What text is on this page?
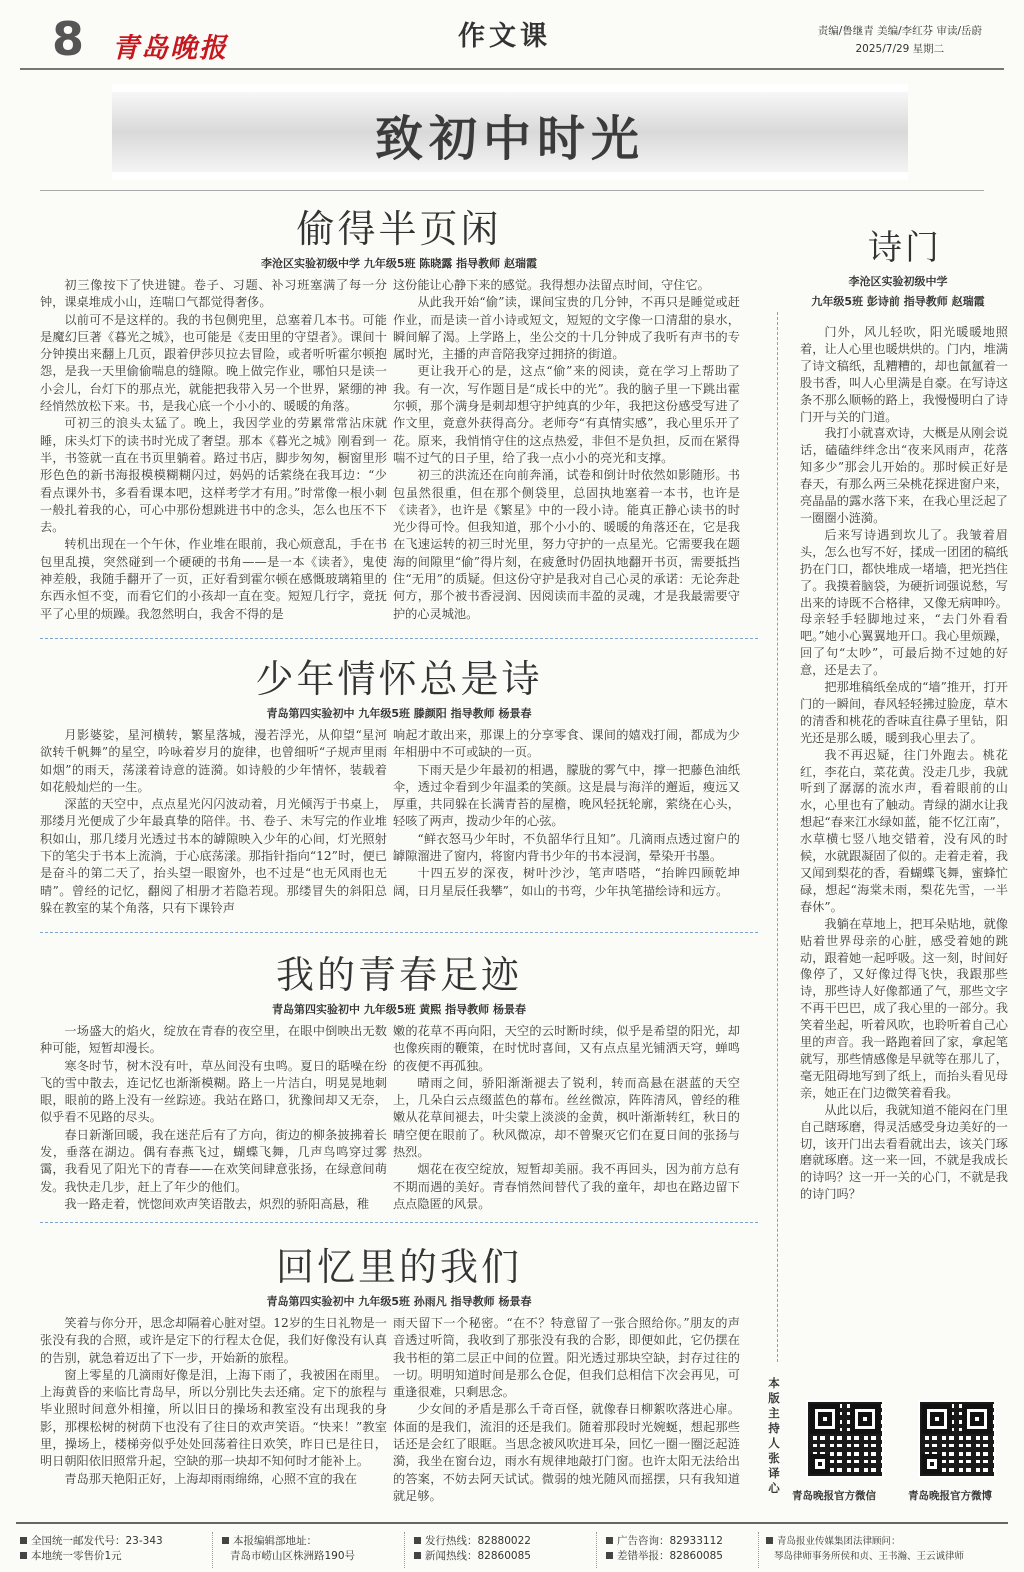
8 青岛晚报	作文课	责编/鲁继青 美编/李红芬 审读/岳蔚
2025/7/29 星期二
致初中时光
偷得半页闲
李沧区实验初级中学 九年级5班 陈晓露 指导教师 赵瑞霞

初三像按下了快进键。卷子、习题、补习班塞满了每一分钟，课桌堆成小山，连喘口气都觉得奢侈。

以前可不是这样的。我的书包侧兜里，总塞着几本书。可能是魔幻巨著《暮光之城》，也可能是《麦田里的守望者》。课间十分钟摸出来翻上几页，跟着伊莎贝拉去冒险，或者听听霍尔顿抱怨，是我一天里偷偷喘息的缝隙。晚上做完作业，哪怕只是读一小会儿，台灯下的那点光，就能把我带入另一个世界，紧绷的神经悄然放松下来。书，是我心底一个小小的、暖暖的角落。

可初三的浪头太猛了。晚上，我因学业的劳累常常沾床就睡，床头灯下的读书时光成了奢望。那本《暮光之城》刚看到一半，书签就一直在书页里躺着。路过书店，脚步匆匆，橱窗里形形色色的新书海报模模糊糊闪过，妈妈的话萦绕在我耳边：“少看点课外书，多看看课本吧，这样考学才有用。”时常像一根小刺一般扎着我的心，可心中那份想跳进书中的念头，怎么也压不下去。

转机出现在一个午休，作业堆在眼前，我心烦意乱，手在书包里乱摸，突然碰到一个硬硬的书角——是一本《读者》，鬼使神差般，我随手翻开了一页，正好看到霍尔顿在感慨玻璃箱里的东西永恒不变，而看它们的小孩却一直在变。短短几行字，竟抚平了心里的烦躁。我忽然明白，我舍不得的是

这份能让心静下来的感觉。我得想办法留点时间，守住它。

从此我开始“偷”读，课间宝贵的几分钟，不再只是睡觉或赶作业，而是读一首小诗或短文，短短的文字像一口清甜的泉水，瞬间解了渴。上学路上，坐公交的十几分钟成了我听有声书的专属时光，主播的声音陪我穿过拥挤的街道。

更让我开心的是，这点“偷”来的阅读，竟在学习上帮助了我。有一次，写作题目是“成长中的光”。我的脑子里一下跳出霍尔顿，那个满身是刺却想守护纯真的少年，我把这份感受写进了作文里，竟意外获得高分。老师夸“有真情实感”，我心里乐开了花。原来，我悄悄守住的这点热爱，非但不是负担，反而在紧得喘不过气的日子里，给了我一点小小的亮光和支撑。

初三的洪流还在向前奔涌，试卷和倒计时依然如影随形。书包虽然很重，但在那个侧袋里，总固执地塞着一本书，也许是《读者》，也许是《繁星》中的一段小诗。能真正静心读书的时光少得可怜。但我知道，那个小小的、暖暖的角落还在，它是我在飞速运转的初三时光里，努力守护的一点星光。它需要我在题海的间隙里“偷”得片刻，在疲惫时仍固执地翻开书页，需要抵挡住“无用”的质疑。但这份守护是我对自己心灵的承诺：无论奔赴何方，那个被书香浸润、因阅读而丰盈的灵魂，才是我最需要守护的心灵城池。

少年情怀总是诗
青岛第四实验初中 九年级5班 滕颜阳 指导教师 杨景春

月影婆娑，星河横转，繁星落城，漫若浮光，从仰望“星河欲转千帆舞”的星空，吟咏着岁月的旋律，也曾细听“子规声里雨如烟”的雨天，荡漾着诗意的涟漪。如诗般的少年情怀，装载着如花般灿烂的一生。

深蓝的天空中，点点星光闪闪波动着，月光倾泻于书桌上，那缕月光便成了少年最真挚的陪伴。书、卷子、未写完的作业堆积如山，那几缕月光透过书本的罅隙映入少年的心间，灯光照射下的笔尖于书本上流淌，于心底荡漾。那指针指向“12”时，便已是奋斗的第二天了，抬头望一眼窗外，也不过是“也无风雨也无晴”。曾经的记忆，翻阅了相册才若隐若现。那缕冒失的斜阳总躲在教室的某个角落，只有下课铃声

响起才敢出来，那课上的分享零食、课间的嬉戏打闹，都成为少年相册中不可或缺的一页。

下雨天是少年最初的相遇，朦胧的雾气中，撑一把藤色油纸伞，透过伞看到少年温柔的笑颜。这是晨与海洋的邂逅，瘦远又厚重，共同躲在长满青苔的屋檐，晚风轻抚轮廓，萦绕在心头，轻咳了两声，拨动少年的心弦。

“鲜衣怒马少年时，不负韶华行且知”。几滴雨点透过窗户的罅隙溜进了窗内，将窗内背书少年的书本浸润，晕染开书墨。

十四五岁的深夜，树叶沙沙，笔声嗒嗒，“抬眸四顾乾坤阔，日月星辰任我攀”，如山的书弯，少年执笔描绘诗和远方。

我的青春足迹
青岛第四实验初中 九年级5班 黄熙 指导教师 杨景春

一场盛大的焰火，绽放在青春的夜空里，在眼中倒映出无数种可能，短暂却漫长。

寒冬时节，树木没有叶，草丛间没有虫鸣。夏日的聒噪在纷飞的雪中散去，连记忆也渐渐模糊。路上一片洁白，明晃晃地刺眼，眼前的路上没有一丝踪迹。我站在路口，犹豫间却又无奈，似乎看不见路的尽头。

春日新渐回暖，我在迷茫后有了方向，街边的柳条披拂着长发，垂落在湖边。偶有春燕飞过，蝴蝶飞舞，几声鸟鸣穿过雾霭，我看见了阳光下的青春——在欢笑间肆意张扬，在绿意间萌发。我快走几步，赶上了年少的他们。

我一路走着，恍惚间欢声笑语散去，炽烈的骄阳高悬，稚

嫩的花草不再向阳，天空的云时断时续，似乎是希望的阳光，却也像疾雨的鞭策，在时忧时喜间，又有点点星光铺洒天穹，蝉鸣的夜便不再孤独。

晴雨之间，骄阳渐渐褪去了锐利，转而高悬在湛蓝的天空上，几朵白云点缀蓝色的幕布。丝丝微凉，阵阵清风，曾经的稚嫩从花草间褪去，叶尖蒙上淡淡的金黄，枫叶渐渐转红，秋日的晴空便在眼前了。秋风微凉，却不曾聚灭它们在夏日间的张扬与热烈。

烟花在夜空绽放，短暂却美丽。我不再回头，因为前方总有不期而遇的美好。青春悄然间替代了我的童年，却也在路边留下点点隐匿的风景。

回忆里的我们
青岛第四实验初中 九年级5班 孙雨凡 指导教师 杨景春

笑着与你分开，思念却隔着心脏对望。12岁的生日礼物是一张没有我的合照，或许是定下的行程太仓促，我们好像没有认真的告别，就急着迈出了下一步，开始新的旅程。

窗上零星的几滴雨好像是泪，上海下雨了，我被困在雨里。上海黄昏的来临比青岛早，所以分别比失去还痛。定下的旅程与毕业照时间意外相撞，所以旧日的操场和教室没有出现我的身影，那棵松树的树荫下也没有了往日的欢声笑语。“快来！”教室里，操场上，楼梯旁似乎处处回荡着往日欢笑，昨日已是往日，明日朝阳依旧照常升起，空缺的那一块却不知何时才能补上。

青岛那天艳阳正好，上海却雨雨绵绵，心照不宣的我在

雨天留下一个秘密。“在不？特意留了一张合照给你。”朋友的声音透过听筒，我收到了那张没有我的合影，即便如此，它仍摆在我书柜的第二层正中间的位置。阳光透过那块空缺，封存过往的一切。明明知道时间是那么仓促，但我们总相信下次会再见，可重逢很难，只剩思念。

少女间的矛盾是那么千奇百怪，就像春日柳絮吹落进心扉。体面的是我们，流泪的还是我们。随着那段时光婉蜒，想起那些话还是会红了眼眶。当思念被风吹进耳朵，回忆一圈一圈泛起涟漪，我坐在窗台边，雨水有规律地敲打门窗。也许太阳无法给出的答案，不妨去阿天试试。微弱的烛光随风而摇摆，只有我知道就足够。

诗门
李沧区实验初级中学
九年级5班 彭诗前 指导教师 赵瑞霞

门外，风儿轻吹，阳光暖暖地照着，让人心里也暖烘烘的。门内，堆满了诗文稿纸，乱糟糟的，却也氤氲着一股书香，叫人心里满是自豪。在写诗这条不那么顺畅的路上，我慢慢明白了诗门开与关的门道。

我打小就喜欢诗，大概是从刚会说话，磕磕绊绊念出“夜来风雨声，花落知多少”那会儿开始的。那时候正好是春天，有那么两三朵桃花探进窗户来，亮晶晶的露水落下来，在我心里泛起了一圈圈小涟漪。

后来写诗遇到坎儿了。我皱着眉头，怎么也写不好，揉成一团团的稿纸扔在门口，都快堆成一堵墙，把光挡住了。我摸着脑袋，为硬折词强说愁，写出来的诗既不合格律，又像无病呻吟。母亲轻手轻脚地过来，“去门外看看吧。”她小心翼翼地开口。我心里烦躁，回了句“太吵”，可最后拗不过她的好意，还是去了。

把那堆稿纸垒成的“墙”推开，打开门的一瞬间，春风轻轻拂过脸庞，草木的清香和桃花的香味直往鼻子里钻，阳光还是那么暖，暖到我心里去了。

我不再迟疑，往门外跑去。桃花红，李花白，菜花黄。没走几步，我就听到了潺潺的流水声，看着眼前的山水，心里也有了触动。青绿的湖水让我想起“春来江水绿如蓝，能不忆江南”，水草横七竖八地交错着，没有风的时候，水就跟凝固了似的。走着走着，我又闻到梨花的香，看蝴蝶飞舞，蜜蜂忙碌，想起“海棠未雨，梨花先雪，一半春休”。

我躺在草地上，把耳朵贴地，就像贴着世界母亲的心脏，感受着她的跳动，跟着她一起呼吸。这一刻，时间好像停了，又好像过得飞快，我跟那些诗，那些诗人好像都通了气，那些文字不再干巴巴，成了我心里的一部分。我笑着坐起，听着风吹，也聆听着自己心里的声音。我一路跑着回了家，拿起笔就写，那些情感像是早就等在那儿了，毫无阻碍地写到了纸上，而抬头看见母亲，她正在门边微笑着看我。

从此以后，我就知道不能闷在门里自己瞎琢磨，得灵活感受身边美好的一切，该开门出去看看就出去，该关门琢磨就琢磨。这一来一回，不就是我成长的诗吗？这一开一关的心门，不就是我的诗门吗？

本版主持人 张译心
青岛晚报官方微信	青岛晚报官方微博
全国统一邮发代号：23-343
本地统一零售价1元
本报编辑部地址：
青岛市崂山区株洲路190号
发行热线：82880022
新闻热线：82860085
广告咨询：82933112
差错举报：82860085
青岛报业传媒集团法律顾问：
琴岛律师事务所侯和贞、王书瀚、王云诚律师
